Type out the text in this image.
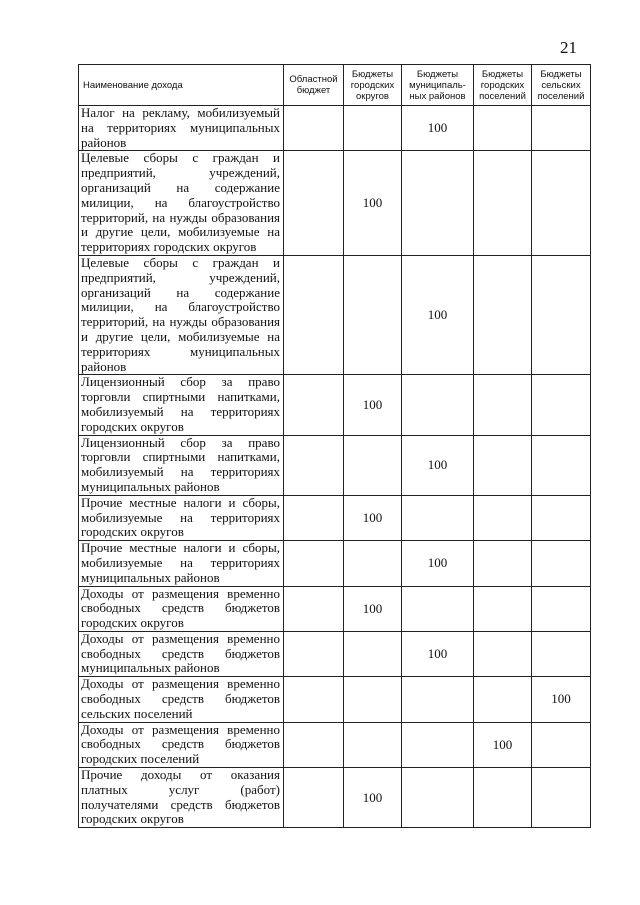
21
Наименование дохода	Областной бюджет	Бюджеты городских округов	Бюджеты муниципаль-ных районов	Бюджеты городских поселений	Бюджеты сельских поселений
Налог на рекламу, мобилизуемый на территориях муниципальных районов			100		
Целевые сборы с граждан и предприятий, учреждений, организаций на содержание милиции, на благоустройство территорий, на нужды образования и другие цели, мобилизуемые на территориях городских округов		100			
Целевые сборы с граждан и предприятий, учреждений, организаций на содержание милиции, на благоустройство территорий, на нужды образования и другие цели, мобилизуемые на территориях муниципальных районов			100		
Лицензионный сбор за право торговли спиртными напитками, мобилизуемый на территориях городских округов		100			
Лицензионный сбор за право торговли спиртными напитками, мобилизуемый на территориях муниципальных районов			100		
Прочие местные налоги и сборы, мобилизуемые на территориях городских округов		100			
Прочие местные налоги и сборы, мобилизуемые на территориях муниципальных районов			100		
Доходы от размещения временно свободных средств бюджетов городских округов		100			
Доходы от размещения временно свободных средств бюджетов муниципальных районов			100		
Доходы от размещения временно свободных средств бюджетов сельских поселений					100
Доходы от размещения временно свободных средств бюджетов городских поселений				100	
Прочие доходы от оказания платных услуг (работ) получателями средств бюджетов городских округов		100			
